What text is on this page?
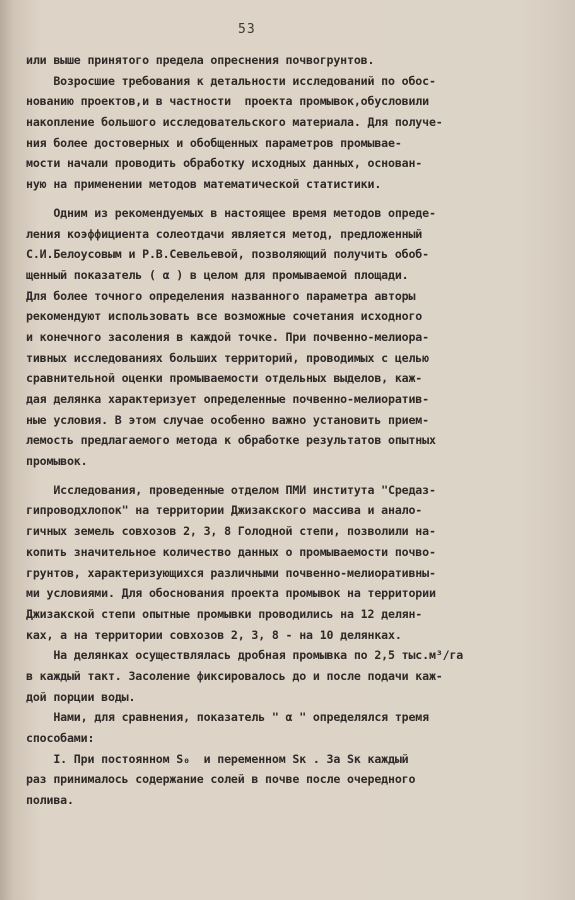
53
или выше принятого предела опреснения почвогрунтов.
Возросшие требования к детальности исследований по обос-
нованию проектов,и в частности  проекта промывок,обусловили
накопление большого исследовательского материала. Для получе-
ния более достоверных и обобщенных параметров промывае-
мости начали проводить обработку исходных данных, основан-
ную на применении методов математической статистики.
Одним из рекомендуемых в настоящее время методов опреде-
ления коэффициента солеотдачи является метод, предложенный
С.И.Белоусовым и Р.В.Севельевой, позволяющий получить обоб-
щенный показатель ( α ) в целом для промываемой площади.
Для более точного определения названного параметра авторы
рекомендуют использовать все возможные сочетания исходного
и конечного засоления в каждой точке. При почвенно-мелиора-
тивных исследованиях больших территорий, проводимых с целью
сравнительной оценки промываемости отдельных выделов, каж-
дая делянка характеризует определенные почвенно-мелиоратив-
ные условия. В этом случае особенно важно установить прием-
лемость предлагаемого метода к обработке результатов опытных
промывок.
Исследования, проведенные отделом ПМИ института "Средаз-
гипроводхлопок" на территории Джизакского массива и анало-
гичных земель совхозов 2, 3, 8 Голодной степи, позволили на-
копить значительное количество данных о промываемости почво-
грунтов, характеризующихся различными почвенно-мелиоративны-
ми условиями. Для обоснования проекта промывок на территории
Джизакской степи опытные промывки проводились на 12 делян-
ках, а на территории совхозов 2, 3, 8 - на 10 делянках.
На делянках осуществлялась дробная промывка по 2,5 тыс.м³/га
в каждый такт. Засоление фиксировалось до и после подачи каж-
дой порции воды.
Нами, для сравнения, показатель " α " определялся тремя
способами:
I. При постоянном S₀  и переменном Sк . За Sк каждый
раз принималось содержание солей в почве после очередного
полива.
